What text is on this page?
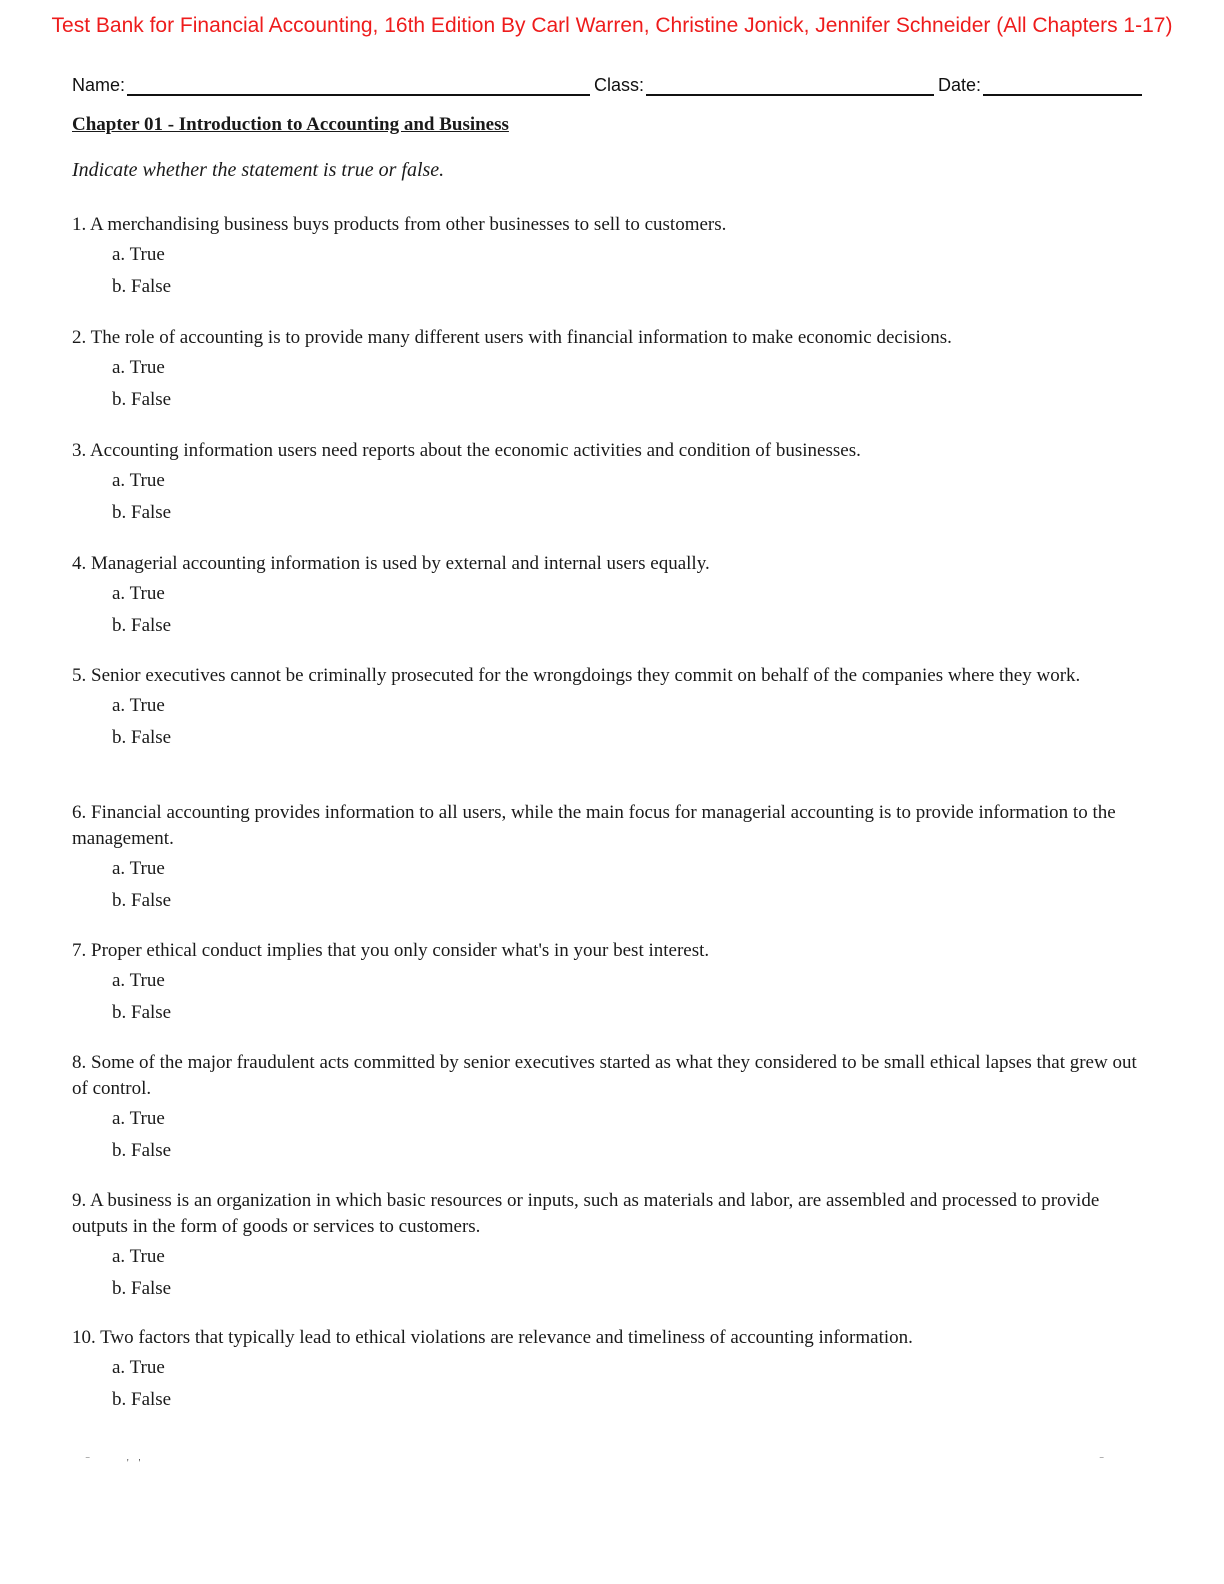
Test Bank for Financial Accounting, 16th Edition By Carl Warren, Christine Jonick, Jennifer Schneider (All Chapters 1-17)
Name:	Class:	Date:
Chapter 01 - Introduction to Accounting and Business
Indicate whether the statement is true or false.
1. A merchandising business buys products from other businesses to sell to customers.
a. True
b. False
2. The role of accounting is to provide many different users with financial information to make economic decisions.
a. True
b. False
3. Accounting information users need reports about the economic activities and condition of businesses.
a. True
b. False
4. Managerial accounting information is used by external and internal users equally.
a. True
b. False
5. Senior executives cannot be criminally prosecuted for the wrongdoings they commit on behalf of the companies where they work.
a. True
b. False
6. Financial accounting provides information to all users, while the main focus for managerial accounting is to provide information to the management.
a. True
b. False
7. Proper ethical conduct implies that you only consider what's in your best interest.
a. True
b. False
8. Some of the major fraudulent acts committed by senior executives started as what they considered to be small ethical lapses that grew out of control.
a. True
b. False
9. A business is an organization in which basic resources or inputs, such as materials and labor, are assembled and processed to provide outputs in the form of goods or services to customers.
a. True
b. False
10. Two factors that typically lead to ethical violations are relevance and timeliness of accounting information.
a. True
b. False
‾               '    '	‾
